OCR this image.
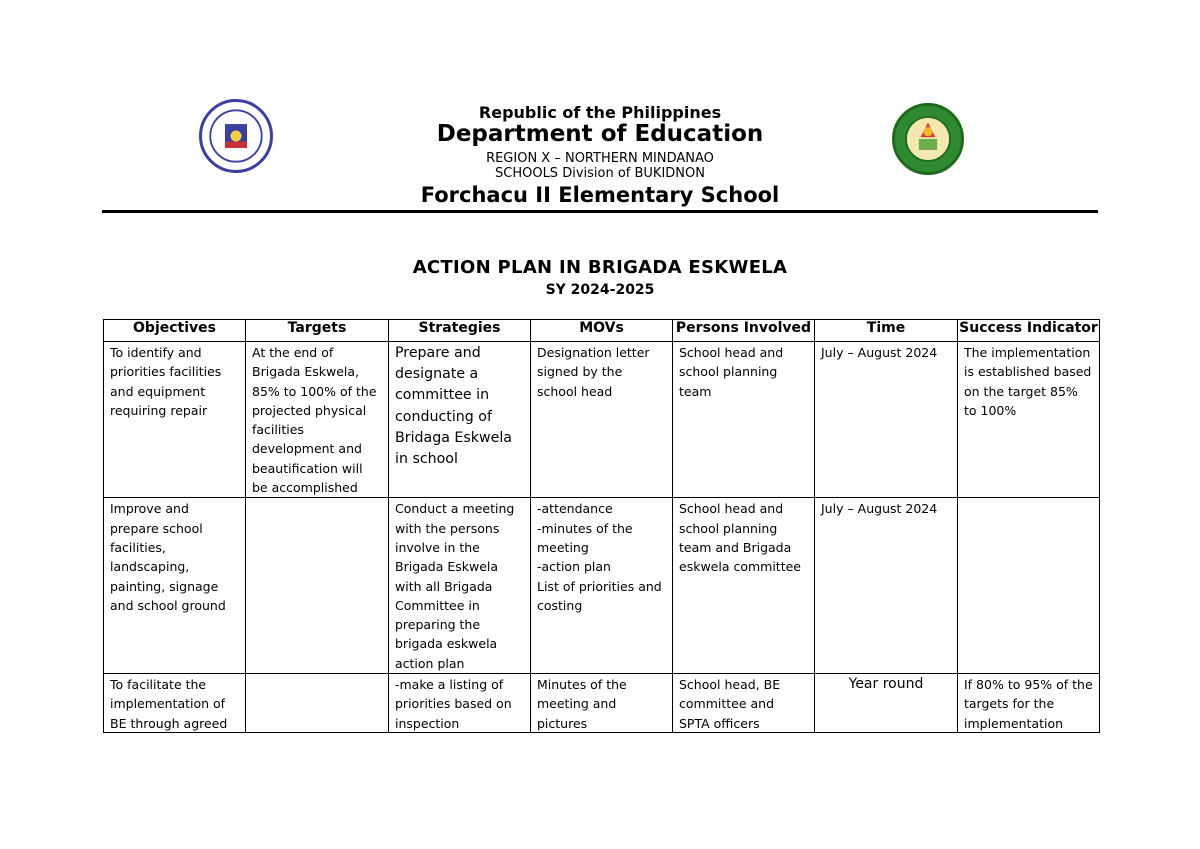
Republic of the Philippines
Department of Education
REGION X – NORTHERN MINDANAO
SCHOOLS Division of BUKIDNON
Forchacu II Elementary School
ACTION PLAN IN BRIGADA ESKWELA
SY 2024-2025
Objectives	Targets	Strategies	MOVs	Persons Involved	Time	Success Indicator
To identify and priorities facilities and equipment requiring repair	At the end of Brigada Eskwela, 85% to 100% of the projected physical facilities development and beautification will be accomplished	Prepare and designate a committee in conducting of Bridaga Eskwela in school	Designation letter signed by the school head	School head and school planning team	July – August 2024	The implementation is established based on the target 85% to 100%
Improve and prepare school facilities, landscaping, painting, signage and school ground		Conduct a meeting with the persons involve in the Brigada Eskwela with all Brigada Committee in preparing the brigada eskwela action plan	-attendance
-minutes of the meeting
-action plan
List of priorities and costing	School head and school planning team and Brigada eskwela committee	July – August 2024	

To facilitate the implementation of BE through agreed		-make a listing of priorities based on inspection	Minutes of the meeting and pictures	School head, BE committee and SPTA officers	Year round	If 80% to 95% of the targets for the implementation
